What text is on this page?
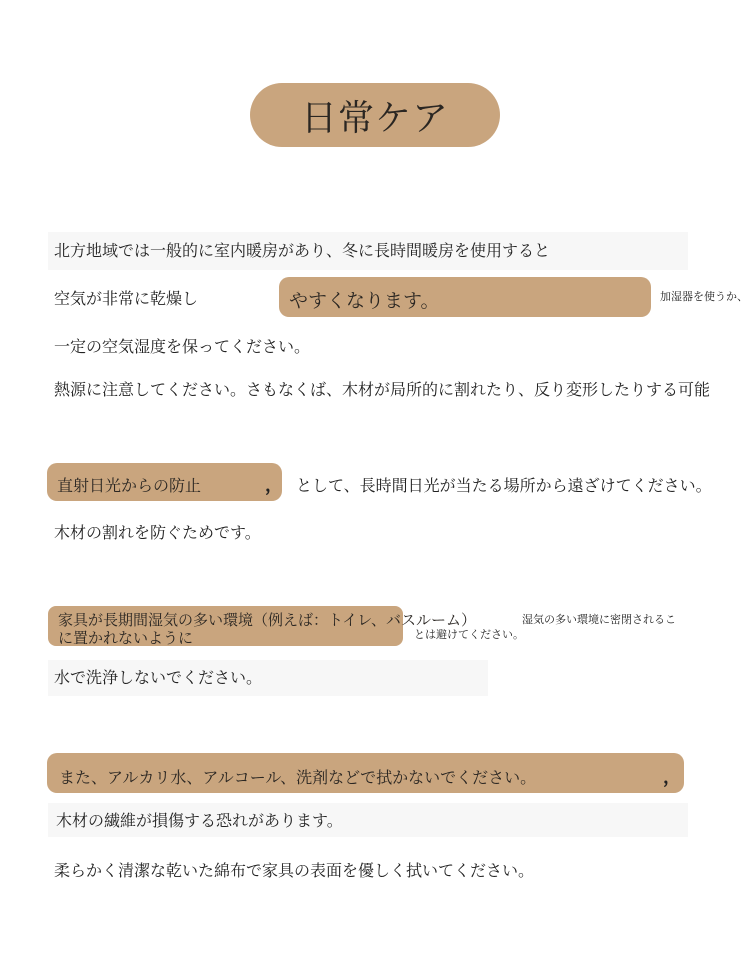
日常ケア
北方地域では一般的に室内暖房があり、冬に長時間暖房を使用すると
空気が非常に乾燥し	やすくなります。	加湿器を使うか、
一定の空気湿度を保ってください。
熱源に注意してください。さもなくば、木材が局所的に割れたり、反り変形したりする可能
直射日光からの防止	， として、長時間日光が当たる場所から遠ざけてください。
木材の割れを防ぐためです。
家具が長期間湿気の多い環境（例えば：トイレ、バスルーム）
に置かれないように
湿気の多い環境に密閉されるこ
とは避けてください。
水で洗浄しないでください。
また、アルカリ水、アルコール、洗剤などで拭かないでください。	，
木材の繊維が損傷する恐れがあります。
柔らかく清潔な乾いた綿布で家具の表面を優しく拭いてください。
